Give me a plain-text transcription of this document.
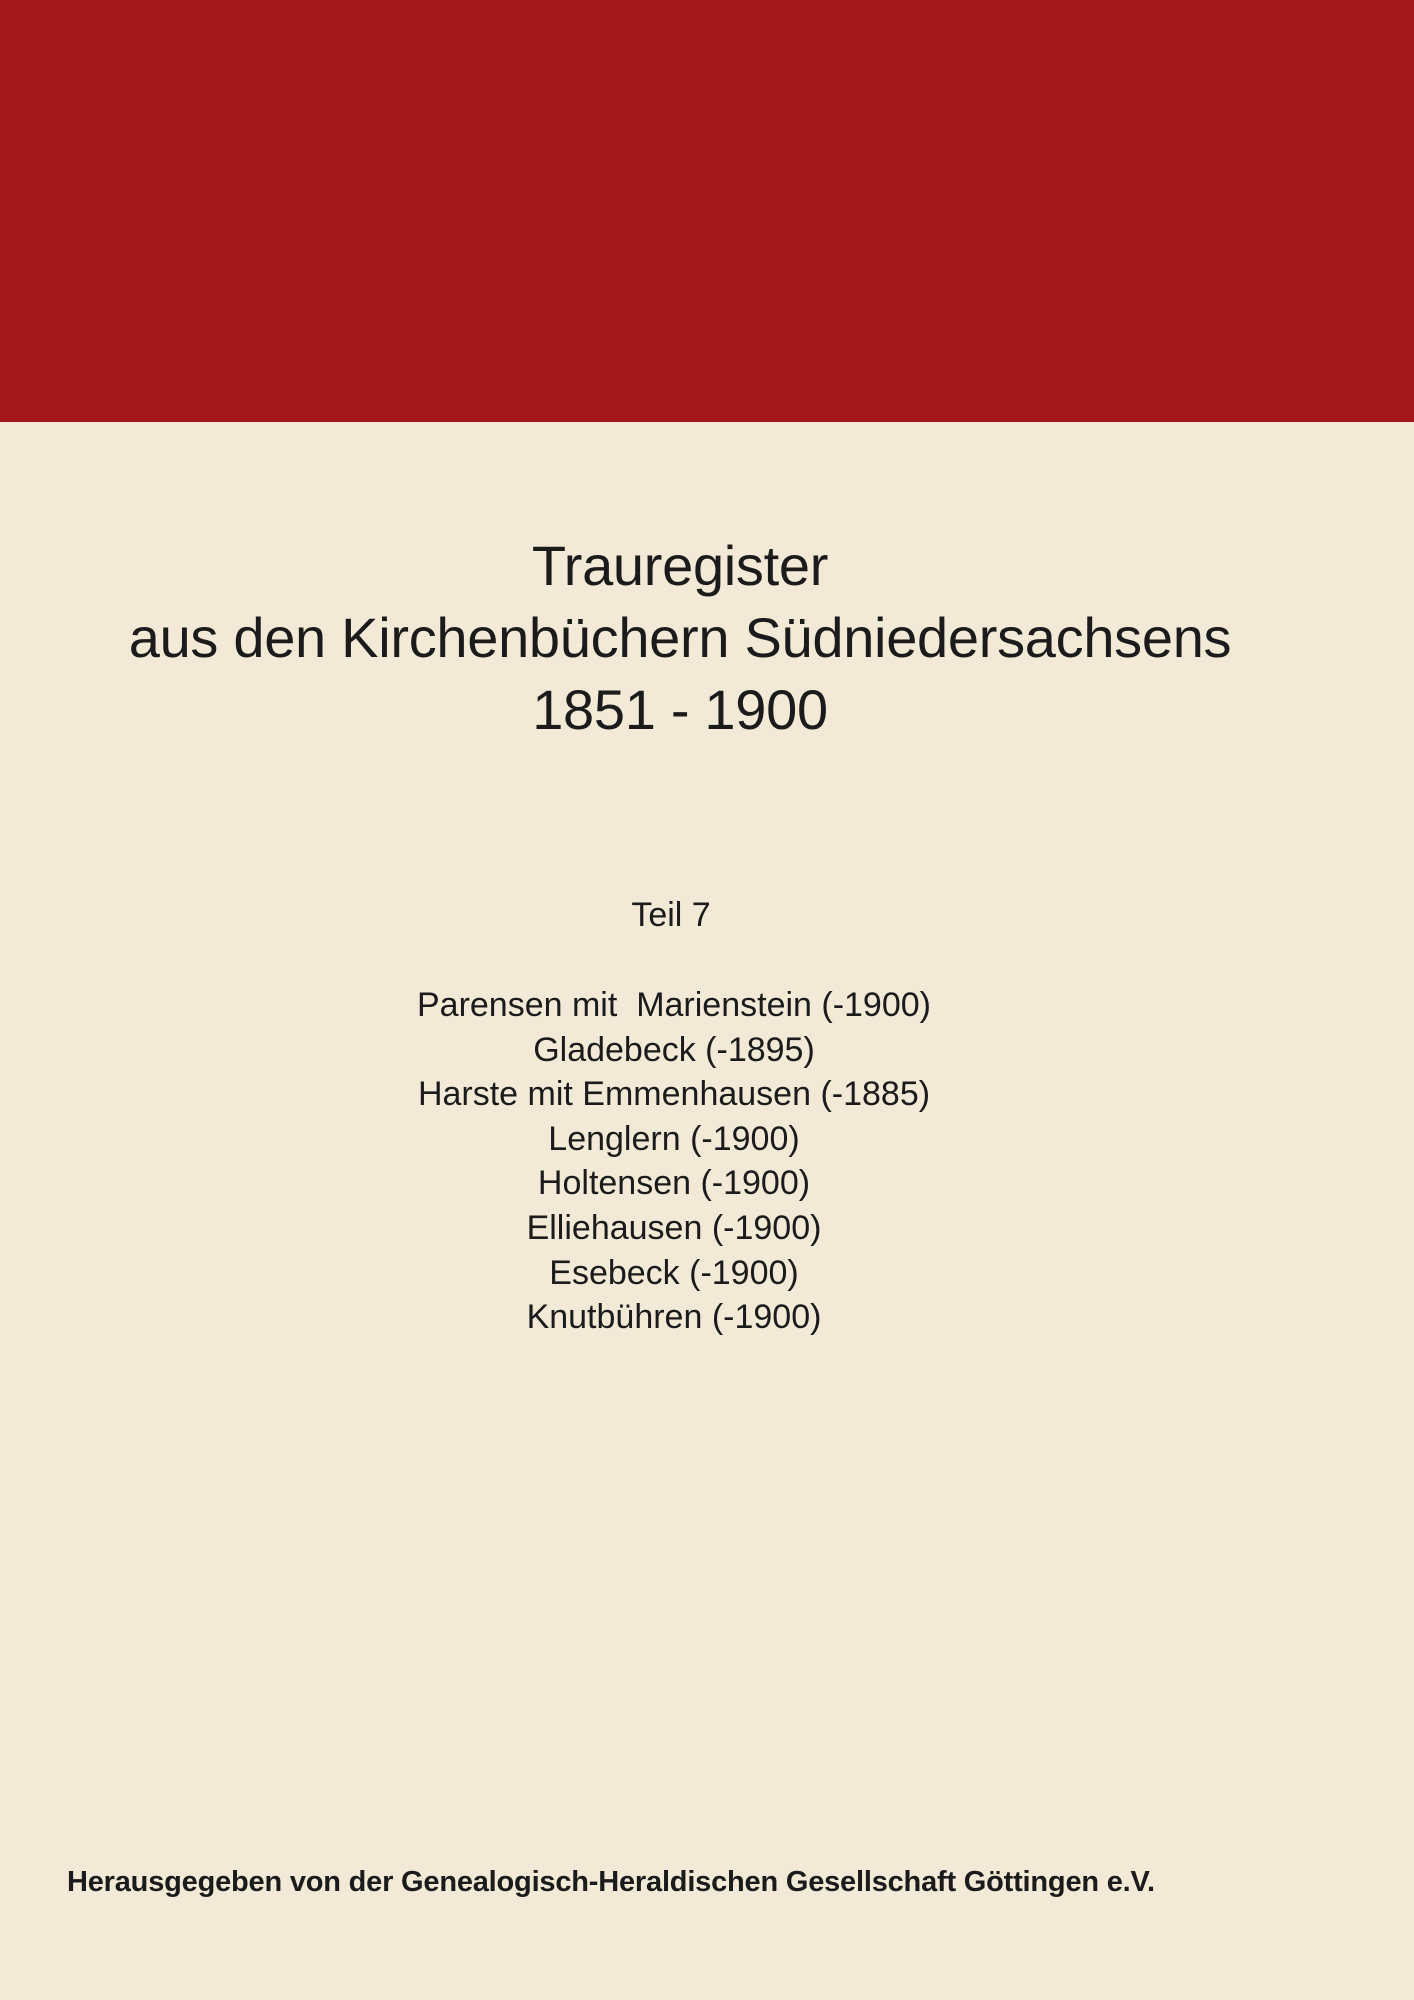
Trauregister
aus den Kirchenbüchern Südniedersachsens
1851 - 1900
Teil 7
Parensen mit  Marienstein (-1900)
Gladebeck (-1895)
Harste mit Emmenhausen (-1885)
Lenglern (-1900)
Holtensen (-1900)
Elliehausen (-1900)
Esebeck (-1900)
Knutbühren (-1900)
Herausgegeben von der Genealogisch-Heraldischen Gesellschaft Göttingen e.V.
